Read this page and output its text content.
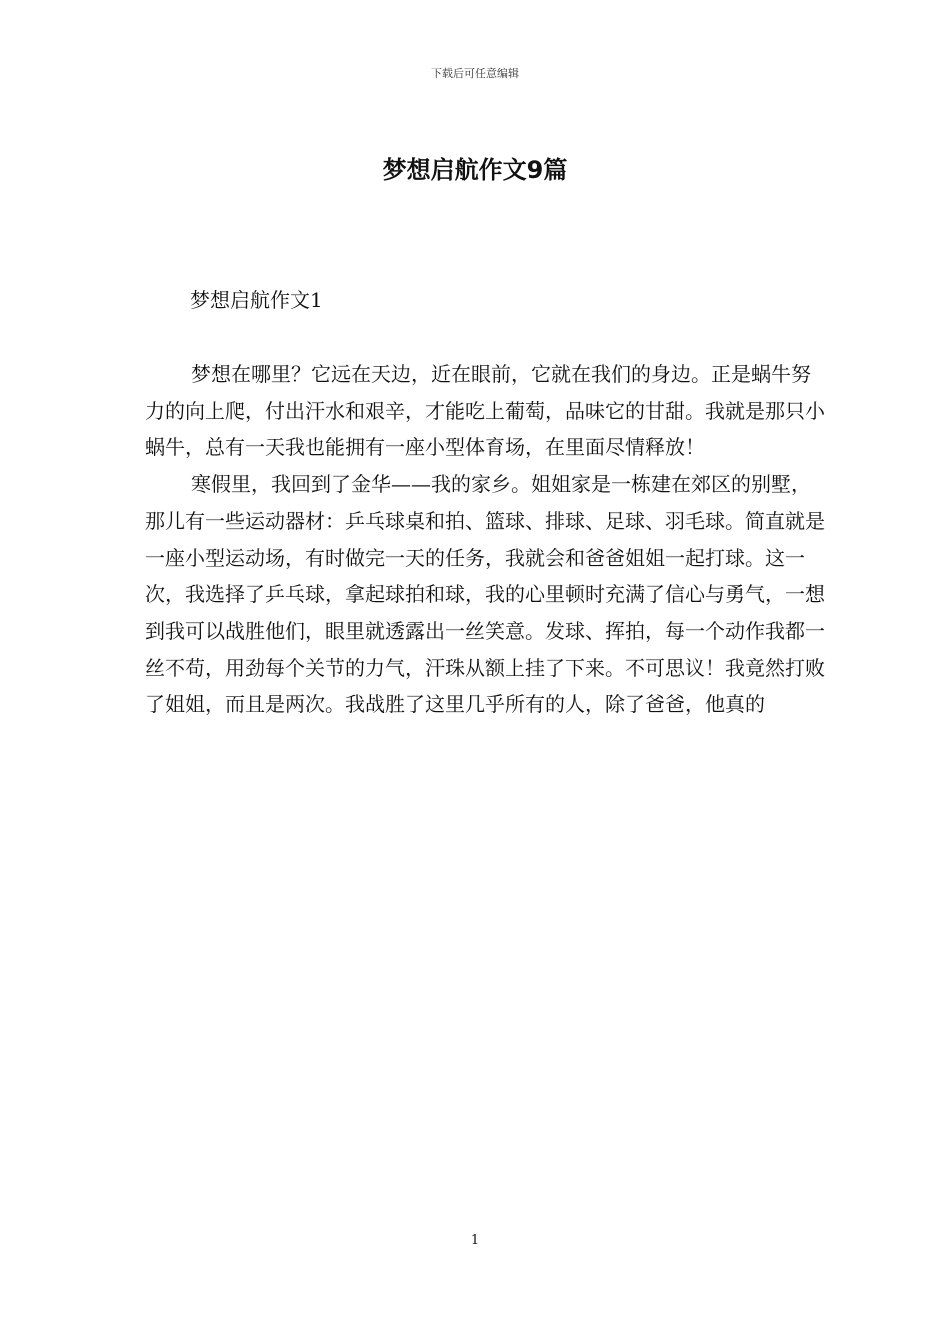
下载后可任意编辑
梦想启航作文9篇

梦想启航作文1

梦想在哪里？它远在天边，近在眼前，它就在我们的身边。正是蜗牛努力的向上爬，付出汗水和艰辛，才能吃上葡萄，品味它的甘甜。我就是那只小蜗牛，总有一天我也能拥有一座小型体育场，在里面尽情释放！

寒假里，我回到了金华——我的家乡。姐姐家是一栋建在郊区的别墅，那儿有一些运动器材：乒乓球桌和拍、篮球、排球、足球、羽毛球。简直就是一座小型运动场，有时做完一天的任务，我就会和爸爸姐姐一起打球。这一次，我选择了乒乓球，拿起球拍和球，我的心里顿时充满了信心与勇气，一想到我可以战胜他们，眼里就透露出一丝笑意。发球、挥拍，每一个动作我都一丝不苟，用劲每个关节的力气，汗珠从额上挂了下来。不可思议！我竟然打败了姐姐，而且是两次。我战胜了这里几乎所有的人，除了爸爸，他真的

1
